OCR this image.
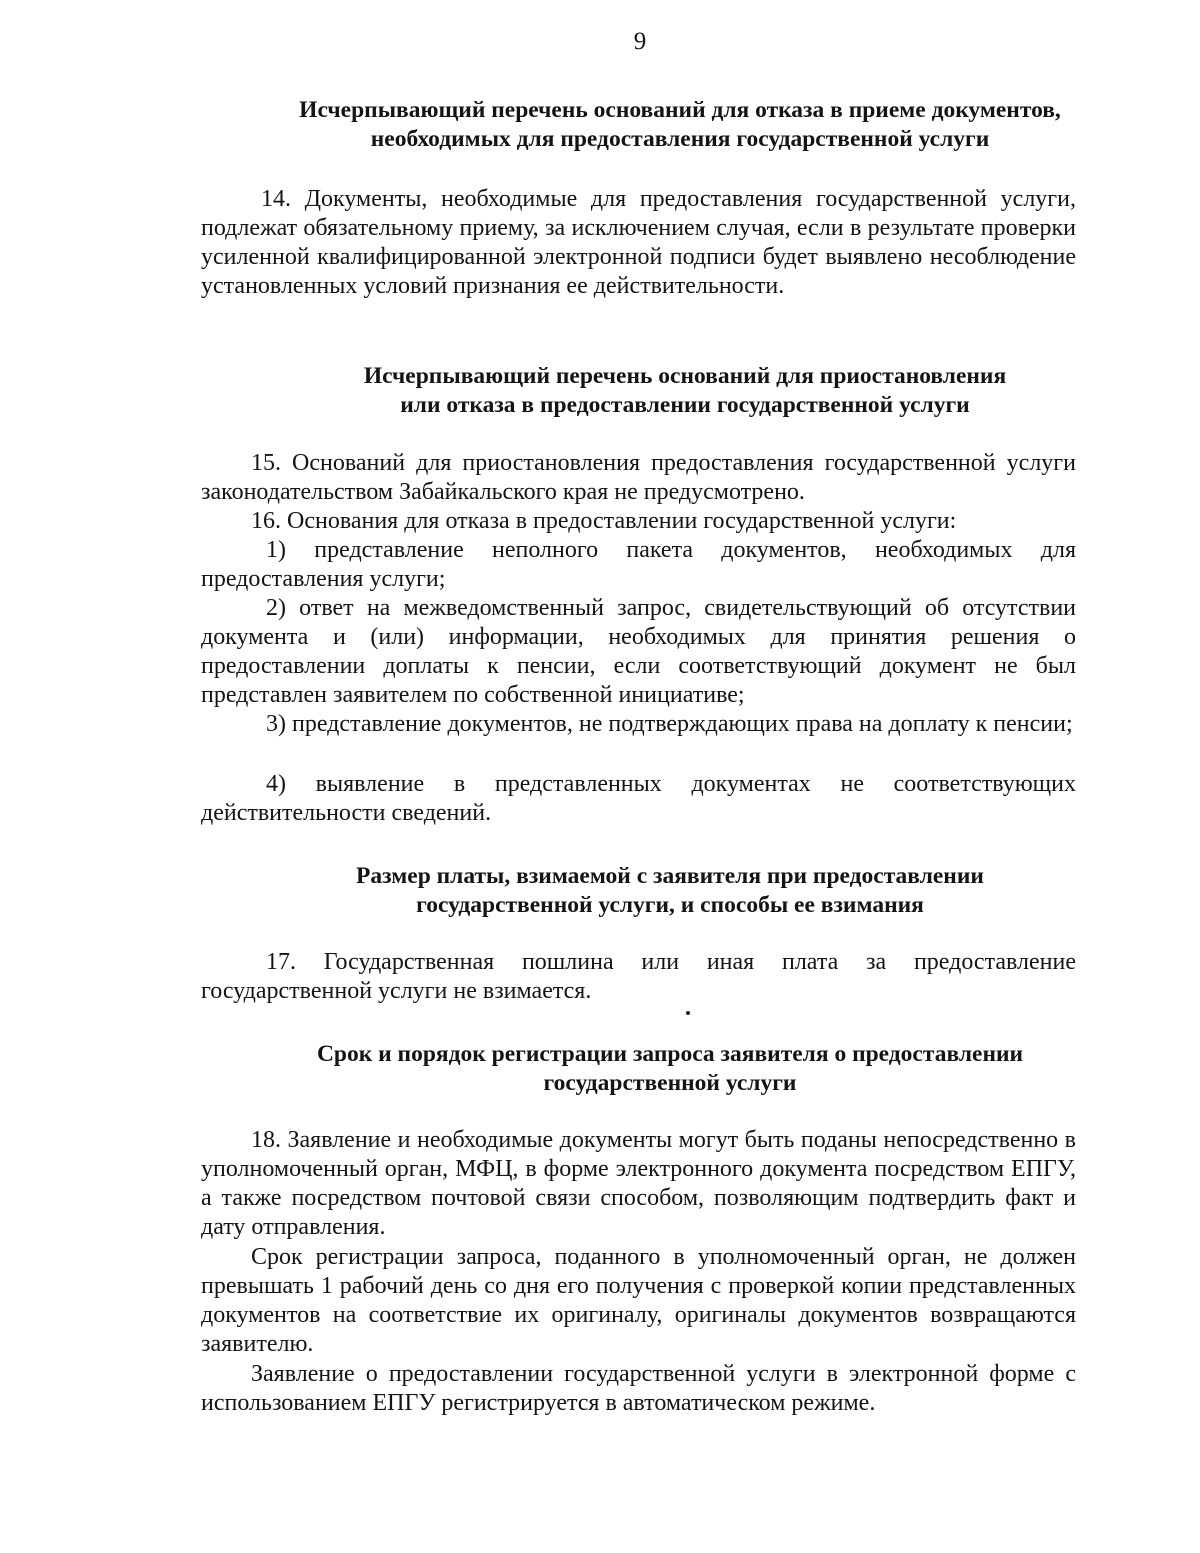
9
Исчерпывающий перечень оснований для отказа в приеме документов,
необходимых для предоставления государственной услуги

14. Документы, необходимые для предоставления государственной услуги, подлежат обязательному приему, за исключением случая, если в результате проверки усиленной квалифицированной электронной подписи будет выявлено несоблюдение установленных условий признания ее действительности.

Исчерпывающий перечень оснований для приостановления
или отказа в предоставлении государственной услуги

15. Оснований для приостановления предоставления государственной услуги законодательством Забайкальского края не предусмотрено.

16. Основания для отказа в предоставлении государственной услуги:

1) представление неполного пакета документов, необходимых для предоставления услуги;

2) ответ на межведомственный запрос, свидетельствующий об отсутствии документа и (или) информации, необходимых для принятия решения о предоставлении доплаты к пенсии, если соответствующий документ не был представлен заявителем по собственной инициативе;

3) представление документов, не подтверждающих права на доплату к пенсии;

4) выявление в представленных документах не соответствующих действительности сведений.

Размер платы, взимаемой с заявителя при предоставлении
государственной услуги, и способы ее взимания

17. Государственная пошлина или иная плата за предоставление государственной услуги не взимается.

Срок и порядок регистрации запроса заявителя о предоставлении
государственной услуги

18. Заявление и необходимые документы могут быть поданы непосредственно в уполномоченный орган, МФЦ, в форме электронного документа посредством ЕПГУ, а также посредством почтовой связи способом, позволяющим подтвердить факт и дату отправления.

Срок регистрации запроса, поданного в уполномоченный орган, не должен превышать 1 рабочий день со дня его получения с проверкой копии представленных документов на соответствие их оригиналу, оригиналы документов возвращаются заявителю.

Заявление о предоставлении государственной услуги в электронной форме с использованием ЕПГУ регистрируется в автоматическом режиме.
